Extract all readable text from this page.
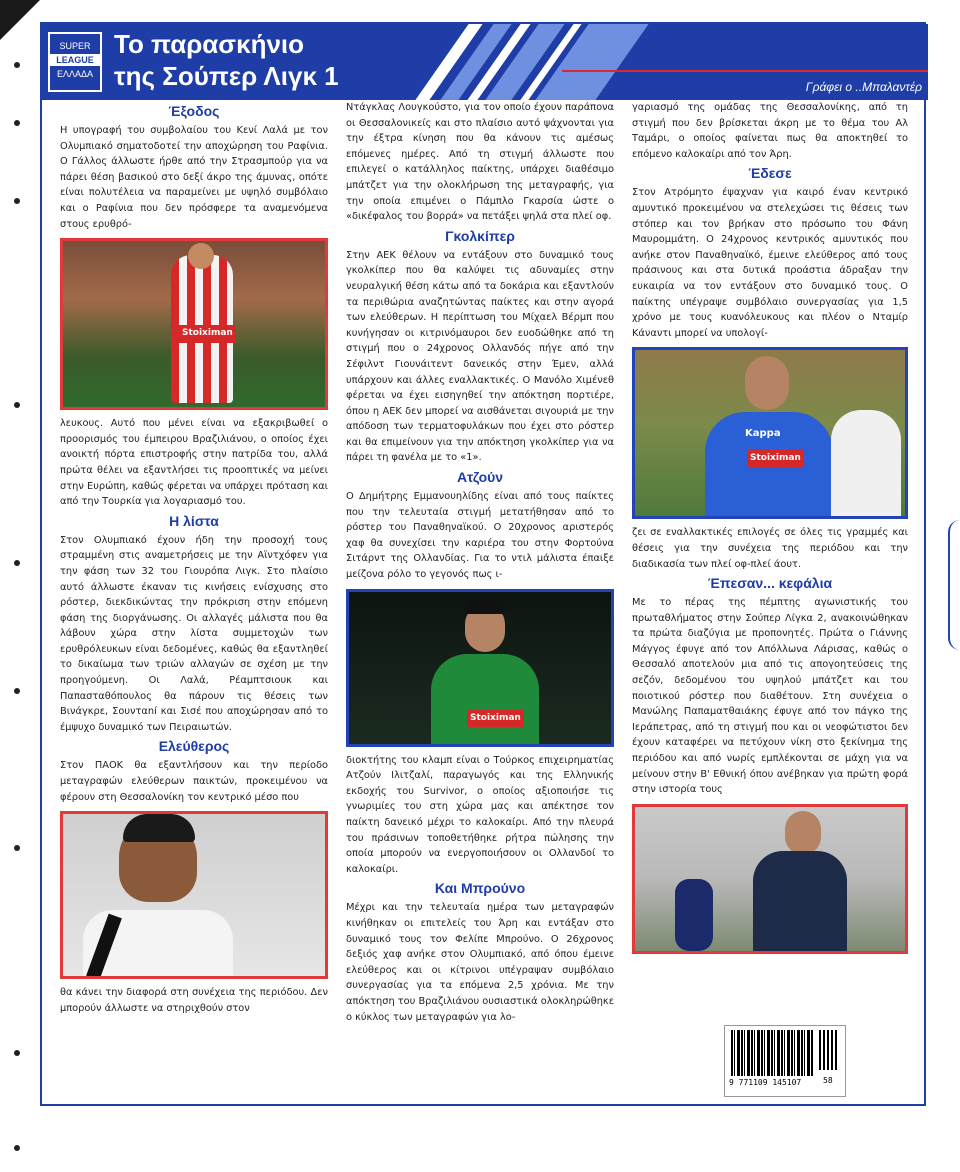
SUPER
LEAGUE
ΕΛΛΑΔΑ
Το παρασκήνιο
της Σούπερ Λιγκ 1	Γράφει ο ..Μπαλαντέρ
Έξοδος

Η υπογραφή του συμβολαίου του Κενί Λαλά με τον Ολυμπιακό σηματοδοτεί την αποχώρηση του Ραφίνια. Ο Γάλλος άλλωστε ήρθε από την Στρασμπούρ για να πάρει θέση βασικού στο δεξί άκρο της άμυνας, οπότε είναι πολυτέλεια να παραμείνει με υψηλό συμβόλαιο και ο Ραφίνια που δεν πρόσφερε τα αναμενόμενα στους ερυθρό-

Stoiximan

λευκους. Αυτό που μένει είναι να εξακριβωθεί ο προορισμός του έμπειρου Βραζιλιάνου, ο οποίος έχει ανοικτή πόρτα επιστροφής στην πατρίδα του, αλλά πρώτα θέλει να εξαντλήσει τις προοπτικές να μείνει στην Ευρώπη, καθώς φέρεται να υπάρχει πρόταση και από την Τουρκία για λογαριασμό του.

Η λίστα

Στον Ολυμπιακό έχουν ήδη την προσοχή τους στραμμένη στις αναμετρήσεις με την Αϊντχόφεν για την φάση των 32 του Γιουρόπα Λιγκ. Στο πλαίσιο αυτό άλλωστε έκαναν τις κινήσεις ενίσχυσης στο ρόστερ, διεκδικώντας την πρόκριση στην επόμενη φάση της διοργάνωσης. Οι αλλαγές μάλιστα που θα λάβουν χώρα στην λίστα συμμετοχών των ερυθρόλευκων είναι δεδομένες, καθώς θα εξαντληθεί το δικαίωμα των τριών αλλαγών σε σχέση με την προηγούμενη. Οι Λαλά, Ρέαμπτσιουκ και Παπασταθόπουλος θα πάρουν τις θέσεις των Βινάγκρε, Σουνταní και Σισέ που αποχώρησαν από το έμψυχο δυναμικό των Πειραιωτών.

Ελεύθερος

Στον ΠΑΟΚ θα εξαντλήσουν και την περίοδο μεταγραφών ελεύθερων παικτών, προκειμένου να φέρουν στη Θεσσαλονίκη τον κεντρικό μέσο που

θα κάνει την διαφορά στη συνέχεια της περιόδου. Δεν μπορούν άλλωστε να στηριχθούν στον

Ντάγκλας Λουγκούστο, για τον οποίο έχουν παράπονα οι Θεσσαλονικείς και στο πλαίσιο αυτό ψάχνονται για την έξτρα κίνηση που θα κάνουν τις αμέσως επόμενες ημέρες. Από τη στιγμή άλλωστε που επιλεγεί ο κατάλληλος παίκτης, υπάρχει διαθέσιμο μπάτζετ για την ολοκλήρωση της μεταγραφής, για την οποία επιμένει ο Πάμπλο Γκαρσία ώστε ο «δικέφαλος του βορρά» να πετάξει ψηλά στα πλεί οφ.

Γκολκίπερ

Στην ΑΕΚ θέλουν να εντάξουν στο δυναμικό τους γκολκίπερ που θα καλύψει τις αδυναμίες στην νευραλγική θέση κάτω από τα δοκάρια και εξαντλούν τα περιθώρια αναζητώντας παίκτες και στην αγορά των ελεύθερων. Η περίπτωση του Μίχαελ Βέρμπ που κυνήγησαν οι κιτρινόμαυροι δεν ευοδώθηκε από τη στιγμή που ο 24χρονος Ολλανδός πήγε από την Σέφιλντ Γιουνάιτεντ δανεικός στην Έμεν, αλλά υπάρχουν και άλλες εναλλακτικές. Ο Μανόλο Χιμένεθ φέρεται να έχει εισηγηθεί την απόκτηση πορτιέρε, όπου η ΑΕΚ δεν μπορεί να αισθάνεται σιγουριά με την απόδοση των τερματοφυλάκων που έχει στο ρόστερ και θα επιμείνουν για την απόκτηση γκολκίπερ για να πάρει τη φανέλα με το «1».

Ατζούν

Ο Δημήτρης Εμμανουηλίδης είναι από τους παίκτες που την τελευταία στιγμή μετατήθησαν από το ρόστερ του Παναθηναϊκού. Ο 20χρονος αριστερός χαφ θα συνεχίσει την καριέρα του στην Φορτούνα Σιτάρντ της Ολλανδίας. Για το ντιλ μάλιστα έπαιξε μείζονα ρόλο το γεγονός πως ι-

Stoiximan

διοκτήτης του κλαμπ είναι ο Τούρκος επιχειρηματίας Ατζούν Ιλιτζαλί, παραγωγός και της Ελληνικής εκδοχής του Survivor, ο οποίος αξιοποιήσε τις γνωριμίες του στη χώρα μας και απέκτησε τον παίκτη δανεικό μέχρι το καλοκαίρι. Από την πλευρά του πράσινων τοποθετήθηκε ρήτρα πώλησης την οποία μπορούν να ενεργοποιήσουν οι Ολλανδοί το καλοκαίρι.

Και Μπρούνο

Μέχρι και την τελευταία ημέρα των μεταγραφών κινήθηκαν οι επιτελείς του Άρη και εντάξαν στο δυναμικό τους τον Φελίπε Μπρούνο. Ο 26χρονος δεξιός χαφ ανήκε στον Ολυμπιακό, από όπου έμεινε ελεύθερος και οι κίτρινοι υπέγραψαν συμβόλαιο συνεργασίας για τα επόμενα 2,5 χρόνια. Με την απόκτηση του Βραζιλιάνου ουσιαστικά ολοκληρώθηκε ο κύκλος των μεταγραφών για λο-

γαριασμό της ομάδας της Θεσσαλονίκης, από τη στιγμή που δεν βρίσκεται άκρη με το θέμα του Αλ Ταμάρι, ο οποίος φαίνεται πως θα αποκτηθεί το επόμενο καλοκαίρι από τον Άρη.

Έδεσε

Στον Ατρόμητο έψαχναν για καιρό έναν κεντρικό αμυντικό προκειμένου να στελεχώσει τις θέσεις των στόπερ και τον βρήκαν στο πρόσωπο του Φάνη Μαυρομμάτη. Ο 24χρονος κεντρικός αμυντικός που ανήκε στον Παναθηναϊκό, έμεινε ελεύθερος από τους πράσινους και στα δυτικά προάστια άδραξαν την ευκαιρία να τον εντάξουν στο δυναμικό τους. Ο παίκτης υπέγραψε συμβόλαιο συνεργασίας για 1,5 χρόνο με τους κυανόλευκους και πλέον ο Νταμίρ Κάναντι μπορεί να υπολογί-

Stoiximan
Kappa

ζει σε εναλλακτικές επιλογές σε όλες τις γραμμές και θέσεις για την συνέχεια της περιόδου και την διαδικασία των πλεί οφ-πλεί άουτ.

Έπεσαν... κεφάλια

Με το πέρας της πέμπτης αγωνιστικής του πρωταθλήματος στην Σούπερ Λίγκα 2, ανακοινώθηκαν τα πρώτα διαζύγια με προπονητές. Πρώτα ο Γιάννης Μάγγος έφυγε από τον Απόλλωνα Λάρισας, καθώς ο Θεσσαλό αποτελούν μια από τις απογοητεύσεις της σεζόν, δεδομένου του υψηλού μπάτζετ και του ποιοτικού ρόστερ που διαθέτουν. Στη συνέχεια ο Μανώλης Παπαματθαιάκης έφυγε από τον πάγκο της Ιεράπετρας, από τη στιγμή που και οι νεοφώτιστοι δεν έχουν καταφέρει να πετύχουν νίκη στο ξεκίνημα της περιόδου και από νωρίς εμπλέκονται σε μάχη για να μείνουν στην Β' Εθνική όπου ανέβηκαν για πρώτη φορά στην ιστορία τους

9 771109 145107	58
